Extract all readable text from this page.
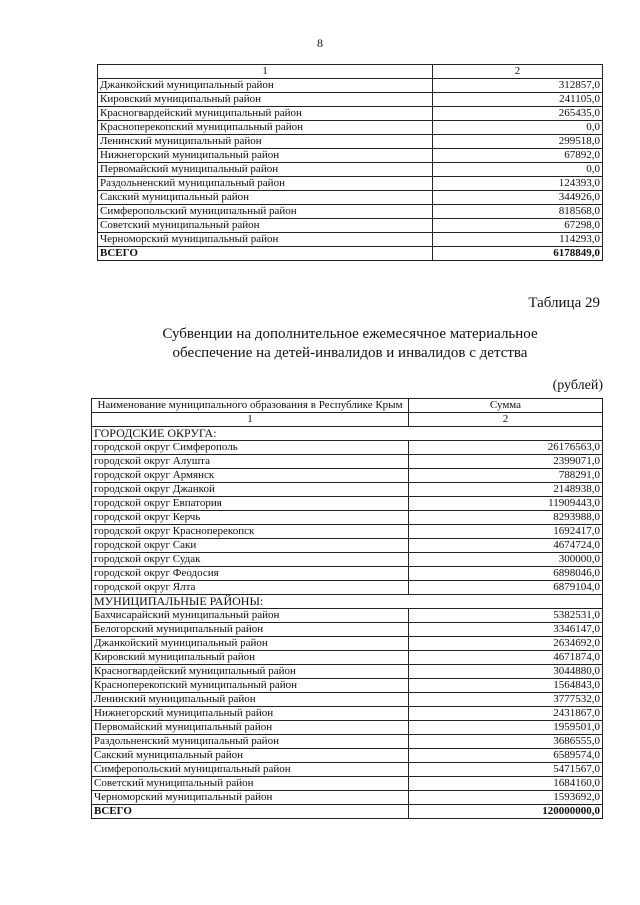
8
1	2
Джанкойский муниципальный район	312857,0
Кировский муниципальный район	241105,0
Красногвардейский муниципальный район	265435,0
Красноперекопский муниципальный район	0,0
Ленинский муниципальный район	299518,0
Нижнегорский муниципальный район	67892,0
Первомайский муниципальный район	0,0
Раздольненский муниципальный район	124393,0
Сакский муниципальный район	344926,0
Симферопольский муниципальный район	818568,0
Советский муниципальный район	67298,0
Черноморский муниципальный район	114293,0
ВСЕГО	6178849,0
Таблица 29
Субвенции на дополнительное ежемесячное материальное
обеспечение на детей-инвалидов и инвалидов с детства
(рублей)
Наименование муниципального образования в Республике Крым	Сумма
1	2
ГОРОДСКИЕ ОКРУГА:	
городской округ Симферополь	26176563,0
городской округ Алушта	2399071,0
городской округ Армянск	788291,0
городской округ Джанкой	2148938,0
городской округ Евпатория	11909443,0
городской округ Керчь	8293988,0
городской округ Красноперекопск	1692417,0
городской округ Саки	4674724,0
городской округ Судак	300000,0
городской округ Феодосия	6898046,0
городской округ Ялта	6879104,0
МУНИЦИПАЛЬНЫЕ РАЙОНЫ:	
Бахчисарайский муниципальный район	5382531,0
Белогорский муниципальный район	3346147,0
Джанкойский муниципальный район	2634692,0
Кировский муниципальный район	4671874,0
Красногвардейский муниципальный район	3044880,0
Красноперекопский муниципальный район	1564843,0
Ленинский муниципальный район	3777532,0
Нижнегорский муниципальный район	2431867,0
Первомайский муниципальный район	1959501,0
Раздольненский муниципальный район	3686555,0
Сакский муниципальный район	6589574,0
Симферопольский муниципальный район	5471567,0
Советский муниципальный район	1684160,0
Черноморский муниципальный район	1593692,0
ВСЕГО	120000000,0
